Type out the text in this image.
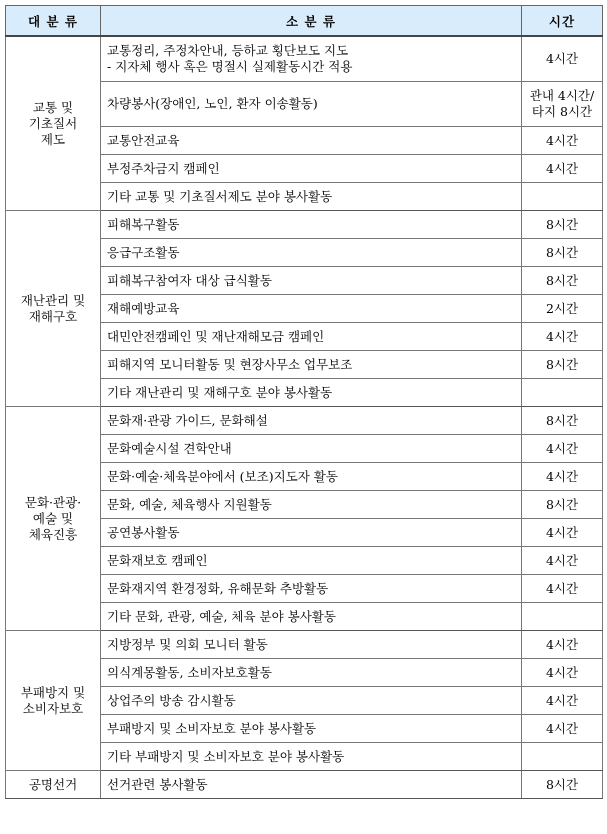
대 분 류	소 분 류	시간

교통 및
기초질서
제도	교통정리, 주정차안내, 등하교 횡단보도 지도
- 지자체 행사 혹은 명절시 실제활동시간 적용	4시간

	차량봉사(장애인, 노인, 환자 이송활동)	관내 4시간/
타지 8시간

	교통안전교육	4시간

	부정주차금지 캠페인	4시간

	기타 교통 및 기초질서제도 분야 봉사활동	

재난관리 및
재해구호	피해복구활동	8시간

	응급구조활동	8시간

	피해복구참여자 대상 급식활동	8시간

	재해예방교육	2시간

	대민안전캠페인 및 재난재해모금 캠페인	4시간

	피해지역 모니터활동 및 현장사무소 업무보조	8시간

	기타 재난관리 및 재해구호 분야 봉사활동	

문화·관광·
예술 및
체육진흥	문화재·관광 가이드, 문화해설	8시간

	문화예술시설 견학안내	4시간

	문화·예술·체육분야에서 (보조)지도자 활동	4시간

	문화, 예술, 체육행사 지원활동	8시간

	공연봉사활동	4시간

	문화재보호 캠페인	4시간

	문화재지역 환경정화, 유해문화 추방활동	4시간

	기타 문화, 관광, 예술, 체육 분야 봉사활동	

부패방지 및
소비자보호	지방정부 및 의회 모니터 활동	4시간

	의식계몽활동, 소비자보호활동	4시간

	상업주의 방송 감시활동	4시간

	부패방지 및 소비자보호 분야 봉사활동	4시간

	기타 부패방지 및 소비자보호 분야 봉사활동	

공명선거	선거관련 봉사활동	8시간
